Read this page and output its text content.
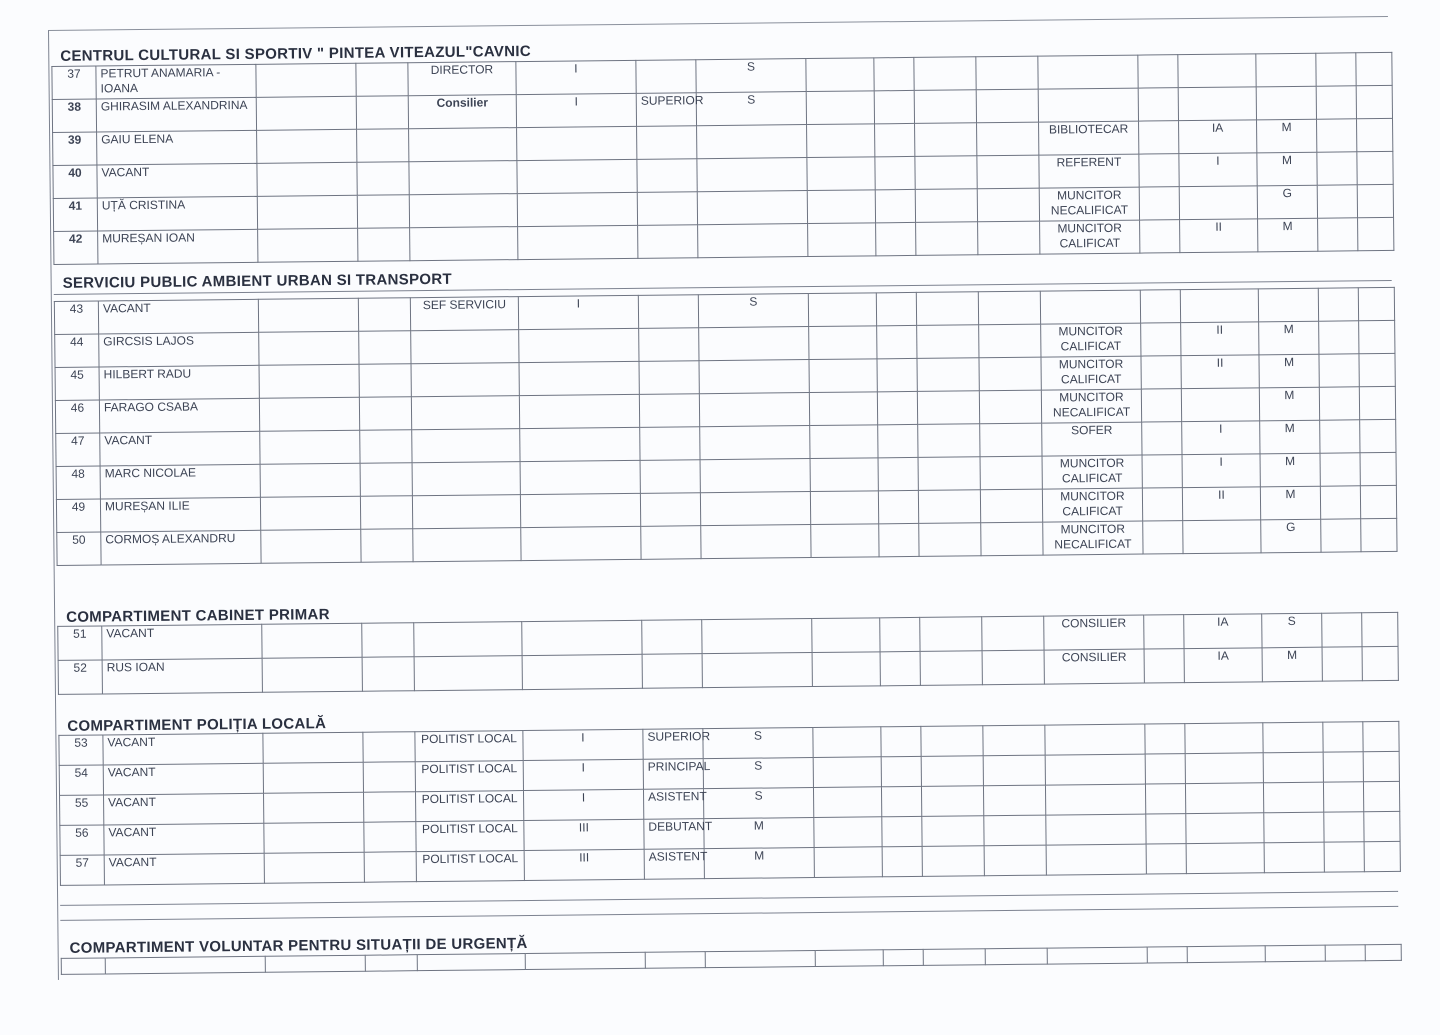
CENTRUL CULTURAL SI SPORTIV " PINTEA VITEAZUL"CAVNIC
37	PETRUT ANAMARIA - IOANA			DIRECTOR	I		S										
38	GHIRASIM ALEXANDRINA			Consilier	I	SUPERIOR	S										
39	GAIU ELENA											BIBLIOTECAR		IA	M		
40	VACANT											REFERENT		I	M		
41	UȚĂ CRISTINA											MUNCITOR NECALIFICAT			G		
42	MUREȘAN IOAN											MUNCITOR CALIFICAT		II	M		
SERVICIU PUBLIC AMBIENT URBAN SI TRANSPORT
43	VACANT			SEF SERVICIU	I		S										
44	GIRCSIS LAJOS											MUNCITOR CALIFICAT		II	M		
45	HILBERT RADU											MUNCITOR CALIFICAT		II	M		
46	FARAGO CSABA											MUNCITOR NECALIFICAT			M		
47	VACANT											SOFER		I	M		
48	MARC NICOLAE											MUNCITOR CALIFICAT		I	M		
49	MUREȘAN ILIE											MUNCITOR CALIFICAT		II	M		
50	CORMOȘ ALEXANDRU											MUNCITOR NECALIFICAT			G		
COMPARTIMENT CABINET PRIMAR
51	VACANT											CONSILIER		IA	S		
52	RUS IOAN											CONSILIER		IA	M		
COMPARTIMENT POLIȚIA LOCALĂ
53	VACANT			POLITIST LOCAL	I	SUPERIOR	S										
54	VACANT			POLITIST LOCAL	I	PRINCIPAL	S										
55	VACANT			POLITIST LOCAL	I	ASISTENT	S										
56	VACANT			POLITIST LOCAL	III	DEBUTANT	M										
57	VACANT			POLITIST LOCAL	III	ASISTENT	M										
COMPARTIMENT VOLUNTAR PENTRU SITUAȚII DE URGENȚĂ
